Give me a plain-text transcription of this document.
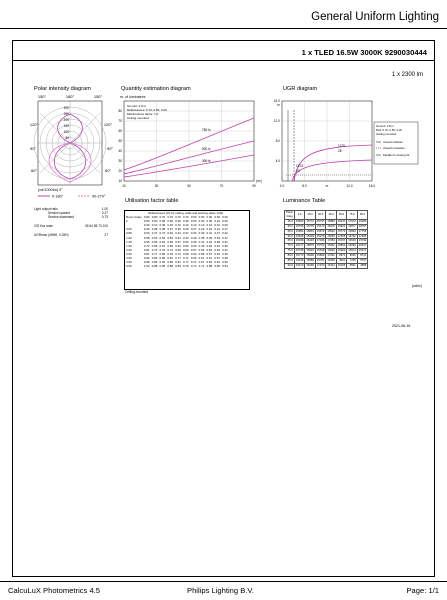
General Uniform Lighting
1 x TLED 16.5W 3000K 9290030444
1 x 2300 lm
Polar intensity diagram
150°	180°	150°
120°	120°
90°	90°
60°	60°
300
250
200
150
100
50
(cd/1000lm) 0°
0-180°	90-270°
Light output ratio	1.00
Service upward	0.27
Service downward	0.73
CIE flux code	36 64 85 73 100
UGRmax (4H8H, 0.25H)	27
Quantity estimation diagram
nr. of luminaires
80
70
60
50
40
30
20
10
10	30	50	70	90
(m²)
hmount: 2.8 m
Reflectances: 0.70, 0.50, 0.20
Maintenance factor: 1.0
Ceiling mounted
750 lx
500 lx
300 lx
UGR diagram
m
16.0
12.0
8.0
4.0
4.0	8.0	12.0	16.0
m
1125
28
1123
23
hmount: 2.8 m
Refl: 0.70, 0.50, 0.20
Ceiling mounted
viewed endwise
viewed crosswise
Parallel to viewing dir.
Utilisation factor table
	Reflectances (%) for ceiling, walls and working plane (CIE)										
Room Index	0.80	0.80	0.70	0.70	0.70	0.70	0.50	0.50	0.30	0.30	0.00
k	0.50	0.50	0.50	0.50	0.30	0.30	0.50	0.30	0.30	0.10	0.00
	0.30	0.10	0.30	0.20	0.10	0.10	0.10	0.10	0.10	0.10	0.00

0.60	0.40	0.38	0.38	0.37	0.36	0.29	0.27	0.22	0.22	0.21	0.17
0.80	0.50	0.47	0.47	0.46	0.44	0.37	0.34	0.29	0.31	0.27	0.22
1.00	0.58	0.53	0.54	0.53	0.51	0.43	0.40	0.35	0.36	0.33	0.27
1.25	0.65	0.60	0.62	0.59	0.57	0.50	0.46	0.41	0.42	0.38	0.31
1.50	0.72	0.65	0.67	0.65	0.62	0.55	0.50	0.45	0.46	0.42	0.35
2.00	0.81	0.73	0.76	0.73	0.69	0.63	0.57	0.52	0.52	0.49	0.41
2.50	0.87	0.77	0.82	0.78	0.74	0.68	0.62	0.58	0.57	0.54	0.45
3.00	0.92	0.80	0.86	0.81	0.77	0.71	0.66	0.61	0.61	0.57	0.48
4.00	0.98	0.85	0.92	0.86	0.81	0.77	0.71	0.67	0.65	0.62	0.52
5.00	1.02	0.88	0.95	0.88	0.83	0.79	0.74	0.71	0.68	0.65	0.54
Ceiling mounted
Luminance Table
Plane
Cdeg	0.0	15.0	30.0	45.0	60.0	75.0	90.0
45.0	15823	15772	15737	15883	16447	17972	19489
50.0	15765	15775	15173	15476	15921	16877	18787
55.0	15954	15801	15679	15540	15774	15993	17758
60.0	15628	15499	15279	15050	17455	15792	17365
65.0	15338	15245	17036	17084	15157	15646	15799
70.0	15177	15876	15752	15262	15864	16099	16347
75.0	15738	15994	15638	15036	15994	15914	15474
80.0	15773	15990	15869	17061	8971	8005	8741
85.0	15198	15989	15784	15309	9961	7205	5797
90.0	15470	15299	17970	15424	15265	8561	4858
(cd/m²)
2021-06-16
CalcuLuX Photometrics 4.5	Philips Lighting B.V.	Page: 1/1
